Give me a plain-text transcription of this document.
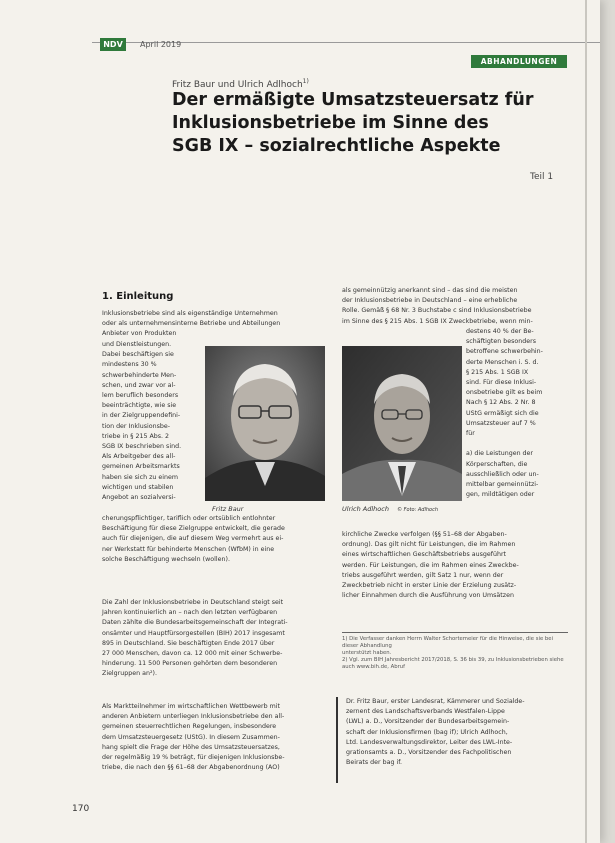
NDV	April 2019
ABHANDLUNGEN
Fritz Baur und Ulrich Adlhoch$^{1)}$
Der ermäßigte Umsatzsteuersatz für
Inklusionsbetriebe im Sinne des
SGB IX – sozialrechtliche Aspekte
Teil 1
1. Einleitung

Inklusionsbetriebe sind als eigenständige Unternehmen
oder als unternehmensinterne Betriebe und Abteilungen
Anbieter von Produkten

und Dienstleistungen.
Dabei beschäftigen sie
mindestens 30 %
schwerbehinderte Men-
schen, und zwar vor al-
lem beruflich besonders
beeinträchtigte, wie sie
in der Zielgruppendefini-
tion der Inklusionsbe-
triebe in § 215 Abs. 2
SGB IX beschrieben sind.
Als Arbeitgeber des all-
gemeinen Arbeitsmarkts
haben sie sich zu einem
wichtigen und stabilen
Angebot an sozialversi-

Fritz Baur

cherungspflichtiger, tariflich oder ortsüblich entlohnter
Beschäftigung für diese Zielgruppe entwickelt, die gerade
auch für diejenigen, die auf diesem Weg vermehrt aus ei-
ner Werkstatt für behinderte Menschen (WfbM) in eine
solche Beschäftigung wechseln (wollen).

Die Zahl der Inklusionsbetriebe in Deutschland steigt seit
Jahren kontinuierlich an – nach den letzten verfügbaren
Daten zählte die Bundesarbeitsgemeinschaft der Integrati-
onsämter und Hauptfürsorgestellen (BIH) 2017 insgesamt
895 in Deutschland. Sie beschäftigten Ende 2017 über
27 000 Menschen, davon ca. 12 000 mit einer Schwerbe-
hinderung. 11 500 Personen gehörten dem besonderen
Zielgruppen an²).

Als Marktteilnehmer im wirtschaftlichen Wettbewerb mit
anderen Anbietern unterliegen Inklusionsbetriebe den all-
gemeinen steuerrechtlichen Regelungen, insbesondere
dem Umsatzsteuergesetz (UStG). In diesem Zusammen-
hang spielt die Frage der Höhe des Umsatzsteuersatzes,
der regelmäßig 19 % beträgt, für diejenigen Inklusionsbe-
triebe, die nach den §§ 61–68 der Abgabenordnung (AO)

als gemeinnützig anerkannt sind – das sind die meisten
der Inklusionsbetriebe in Deutschland – eine erhebliche
Rolle. Gemäß § 68 Nr. 3 Buchstabe c sind Inklusionsbetriebe
im Sinne des § 215 Abs. 1 SGB IX Zweckbetriebe, wenn min-

Ulrich Adlhoch © Foto: Adlhoch

destens 40 % der Be-
schäftigten besonders
betroffene schwerbehin-
derte Menschen i. S. d.
§ 215 Abs. 1 SGB IX
sind. Für diese Inklusi-
onsbetriebe gilt es beim
Nach § 12 Abs. 2 Nr. 8
UStG ermäßigt sich die
Umsatzsteuer auf 7 %
für
a) die Leistungen der
Körperschaften, die
ausschließlich oder un-
mittelbar gemeinnützi-
gen, mildtätigen oder

kirchliche Zwecke verfolgen (§§ 51–68 der Abgaben-
ordnung). Das gilt nicht für Leistungen, die im Rahmen
eines wirtschaftlichen Geschäftsbetriebs ausgeführt
werden. Für Leistungen, die im Rahmen eines Zweckbe-
triebs ausgeführt werden, gilt Satz 1 nur, wenn der
Zweckbetrieb nicht in erster Linie der Erzielung zusätz-
licher Einnahmen durch die Ausführung von Umsätzen

1) Die Verfasser danken Herrn Walter Schortemeier für die Hinweise, die sie bei dieser Abhandlung
unterstützt haben.
2) Vgl. zum BIH Jahresbericht 2017/2018, S. 36 bis 39, zu Inklusionsbetrieben siehe
auch www.bih.de, Abruf

Dr. Fritz Baur, erster Landesrat, Kämmerer und Sozialde-
zernent des Landschaftsverbands Westfalen-Lippe
(LWL) a. D., Vorsitzender der Bundesarbeitsgemein-
schaft der Inklusionsfirmen (bag if); Ulrich Adlhoch,
Ltd. Landesverwaltungsdirektor, Leiter des LWL-Inte-
grationsamts a. D., Vorsitzender des Fachpolitischen
Beirats der bag if.

170
